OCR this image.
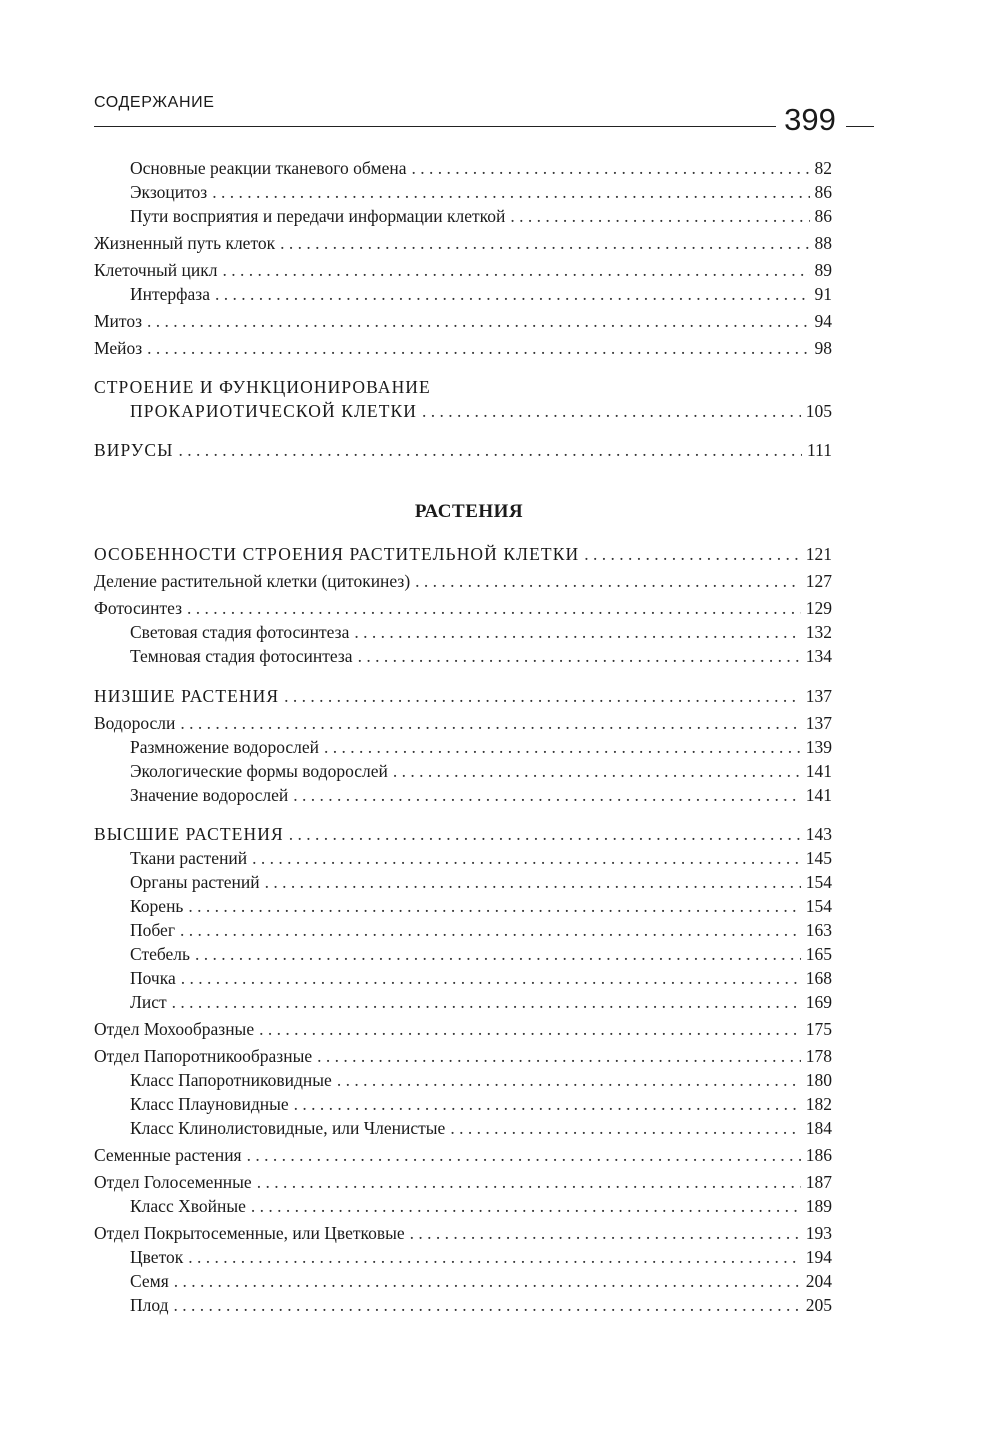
СОДЕРЖАНИЕ	399
РАСТЕНИЯ
Основные реакции тканевого обмена . . .	82
Экзоцитоз . . .	86
Пути восприятия и передачи информации клеткой . . .	86
Жизненный путь клеток . . .	88
Клеточный цикл . . .	89
Интерфаза . . .	91
Митоз . . .	94
Мейоз . . .	98
СТРОЕНИЕ И ФУНКЦИОНИРОВАНИЕ
ПРОКАРИОТИЧЕСКОЙ КЛЕТКИ . . .	105
ВИРУСЫ . . .	111
ОСОБЕННОСТИ СТРОЕНИЯ РАСТИТЕЛЬНОЙ КЛЕТКИ . . .	121
Деление растительной клетки (цитокинез) . . .	127
Фотосинтез . . .	129
Световая стадия фотосинтеза . . .	132
Темновая стадия фотосинтеза . . .	134
НИЗШИЕ РАСТЕНИЯ . . .	137
Водоросли . . .	137
Размножение водорослей . . .	139
Экологические формы водорослей . . .	141
Значение водорослей . . .	141
ВЫСШИЕ РАСТЕНИЯ . . .	143
Ткани растений . . .	145
Органы растений . . .	154
Корень . . .	154
Побег . . .	163
Стебель . . .	165
Почка . . .	168
Лист . . .	169
Отдел Мохообразные . . .	175
Отдел Папоротникообразные . . .	178
Класс Папоротниковидные . . .	180
Класс Плауновидные . . .	182
Класс Клинолистовидные, или Членистые . . .	184
Семенные растения . . .	186
Отдел Голосеменные . . .	187
Класс Хвойные . . .	189
Отдел Покрытосеменные, или Цветковые . . .	193
Цветок . . .	194
Семя . . .	204
Плод . . .	205
